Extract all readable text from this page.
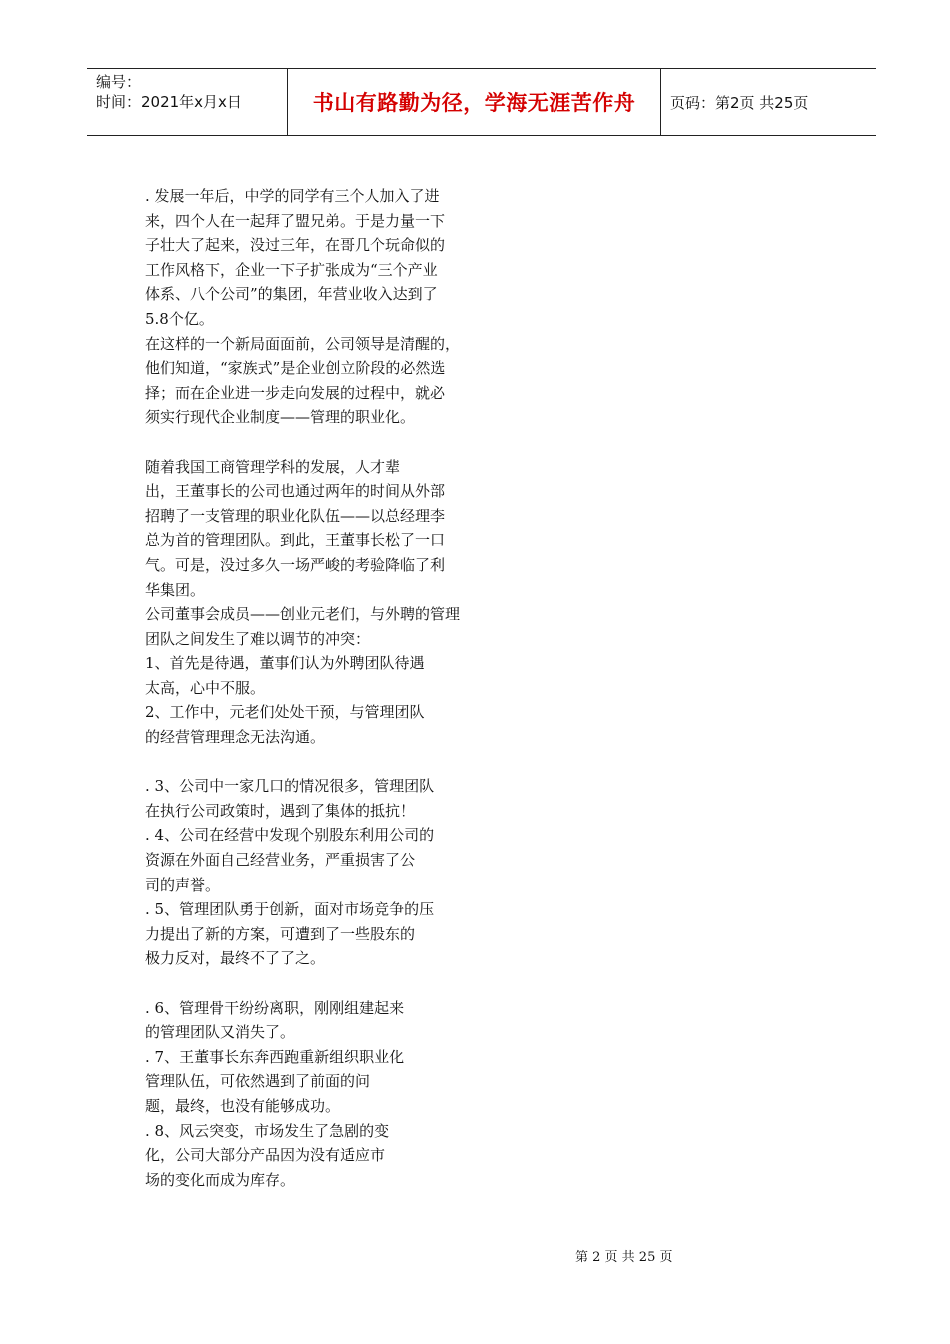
编号：
时间：2021年x月x日	书山有路勤为径，学海无涯苦作舟	页码：第2页 共25页
. 发展一年后，中学的同学有三个人加入了进
来，四个人在一起拜了盟兄弟。于是力量一下
子壮大了起来，没过三年，在哥几个玩命似的
工作风格下，企业一下子扩张成为“三个产业
体系、八个公司”的集团，年营业收入达到了
5.8个亿。
在这样的一个新局面面前，公司领导是清醒的，
他们知道，“家族式”是企业创立阶段的必然选
择；而在企业进一步走向发展的过程中，就必
须实行现代企业制度——管理的职业化。
随着我国工商管理学科的发展，人才辈
出，王董事长的公司也通过两年的时间从外部
招聘了一支管理的职业化队伍——以总经理李
总为首的管理团队。到此，王董事长松了一口
气。可是，没过多久一场严峻的考验降临了利
华集团。
公司董事会成员——创业元老们，与外聘的管理
团队之间发生了难以调节的冲突：
1、首先是待遇，董事们认为外聘团队待遇
太高，心中不服。
2、工作中，元老们处处干预，与管理团队
的经营管理理念无法沟通。
. 3、公司中一家几口的情况很多，管理团队
在执行公司政策时，遇到了集体的抵抗！
. 4、公司在经营中发现个别股东利用公司的
资源在外面自己经营业务，严重损害了公
司的声誉。
. 5、管理团队勇于创新，面对市场竞争的压
力提出了新的方案，可遭到了一些股东的
极力反对，最终不了了之。
. 6、管理骨干纷纷离职，刚刚组建起来
的管理团队又消失了。
. 7、王董事长东奔西跑重新组织职业化
管理队伍，可依然遇到了前面的问
题，最终，也没有能够成功。
. 8、风云突变，市场发生了急剧的变
化，公司大部分产品因为没有适应市
场的变化而成为库存。
第 2 页 共 25 页
